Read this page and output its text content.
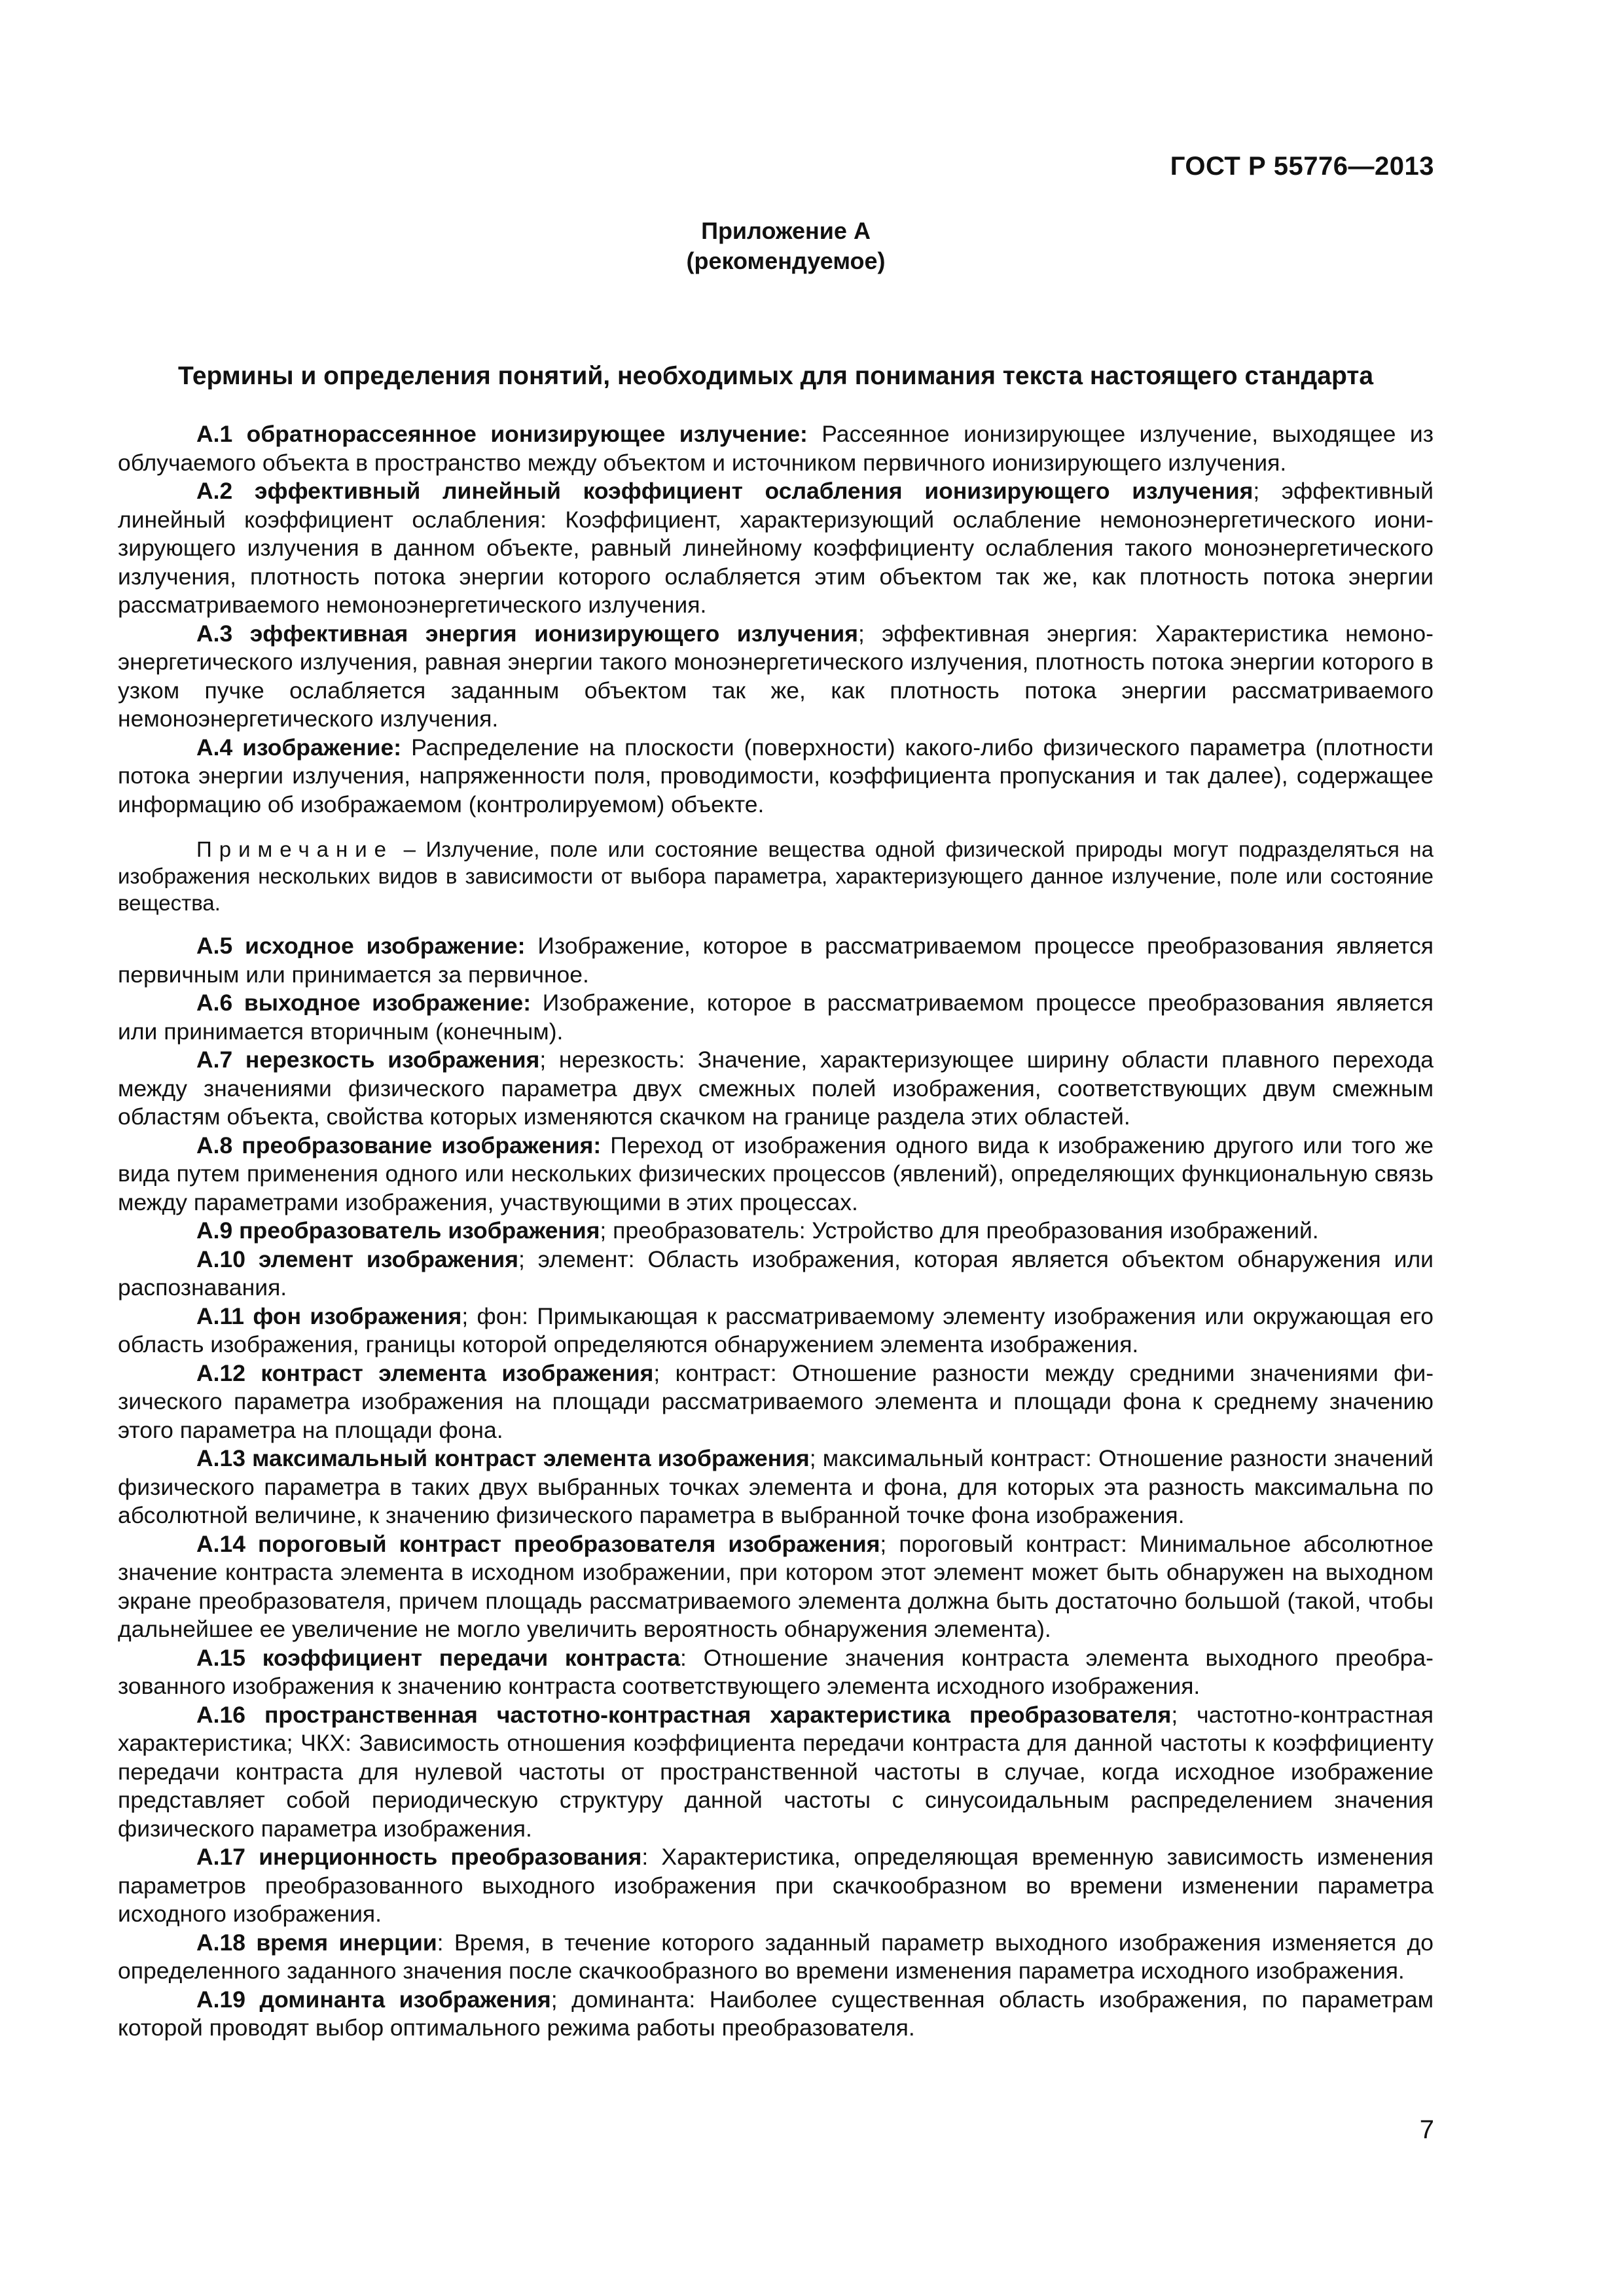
ГОСТ Р 55776—2013
Приложение А
(рекомендуемое)
Термины и определения понятий, необходимых для понимания текста настоящего стандарта

А.1 обратнорассеянное ионизирующее излучение: Рассеянное ионизирующее излучение, выходящее из облучаемого объекта в пространство между объектом и источником первичного ионизирующего излучения.

А.2 эффективный линейный коэффициент ослабления ионизирующего излучения; эффективный линейный коэффициент ослабления: Коэффициент, характеризующий ослабление немоноэнергетического ионизирующего излучения в данном объекте, равный линейному коэффициенту ослабления такого моноэнергетического излучения, плотность потока энергии которого ослабляется этим объектом так же, как плотность потока энергии рассматриваемого немоноэнергетического излучения.

А.3 эффективная энергия ионизирующего излучения; эффективная энергия: Характеристика немоноэнергетического излучения, равная энергии такого моноэнергетического излучения, плотность потока энергии которого в узком пучке ослабляется заданным объектом так же, как плотность потока энергии рассматриваемого немоноэнергетического излучения.

А.4 изображение: Распределение на плоскости (поверхности) какого-либо физического параметра (плотности потока энергии излучения, напряженности поля, проводимости, коэффициента пропускания и так далее), содержащее информацию об изображаемом (контролируемом) объекте.

Примечание – Излучение, поле или состояние вещества одной физической природы могут подразделяться на изображения нескольких видов в зависимости от выбора параметра, характеризующего данное излучение, поле или состояние вещества.

А.5 исходное изображение: Изображение, которое в рассматриваемом процессе преобразования является первичным или принимается за первичное.

А.6 выходное изображение: Изображение, которое в рассматриваемом процессе преобразования является или принимается вторичным (конечным).

А.7 нерезкость изображения; нерезкость: Значение, характеризующее ширину области плавного перехода между значениями физического параметра двух смежных полей изображения, соответствующих двум смежным областям объекта, свойства которых изменяются скачком на границе раздела этих областей.

А.8 преобразование изображения: Переход от изображения одного вида к изображению другого или того же вида путем применения одного или нескольких физических процессов (явлений), определяющих функциональную связь между параметрами изображения, участвующими в этих процессах.

А.9 преобразователь изображения; преобразователь: Устройство для преобразования изображений.

А.10 элемент изображения; элемент: Область изображения, которая является объектом обнаружения или распознавания.

А.11 фон изображения; фон: Примыкающая к рассматриваемому элементу изображения или окружающая его область изображения, границы которой определяются обнаружением элемента изображения.

А.12 контраст элемента изображения; контраст: Отношение разности между средними значениями физического параметра изображения на площади рассматриваемого элемента и площади фона к среднему значению этого параметра на площади фона.

А.13 максимальный контраст элемента изображения; максимальный контраст: Отношение разности значений физического параметра в таких двух выбранных точках элемента и фона, для которых эта разность максимальна по абсолютной величине, к значению физического параметра в выбранной точке фона изображения.

А.14 пороговый контраст преобразователя изображения; пороговый контраст: Минимальное абсолютное значение контраста элемента в исходном изображении, при котором этот элемент может быть обнаружен на выходном экране преобразователя, причем площадь рассматриваемого элемента должна быть достаточно большой (такой, чтобы дальнейшее ее увеличение не могло увеличить вероятность обнаружения элемента).

А.15 коэффициент передачи контраста: Отношение значения контраста элемента выходного преобразованного изображения к значению контраста соответствующего элемента исходного изображения.

А.16 пространственная частотно-контрастная характеристика преобразователя; частотно-контрастная характеристика; ЧКХ: Зависимость отношения коэффициента передачи контраста для данной частоты к коэффициенту передачи контраста для нулевой частоты от пространственной частоты в случае, когда исходное изображение представляет собой периодическую структуру данной частоты с синусоидальным распределением значения физического параметра изображения.

А.17 инерционность преобразования: Характеристика, определяющая временную зависимость изменения параметров преобразованного выходного изображения при скачкообразном во времени изменении параметра исходного изображения.

А.18 время инерции: Время, в течение которого заданный параметр выходного изображения изменяется до определенного заданного значения после скачкообразного во времени изменения параметра исходного изображения.

А.19 доминанта изображения; доминанта: Наиболее существенная область изображения, по параметрам которой проводят выбор оптимального режима работы преобразователя.

7
